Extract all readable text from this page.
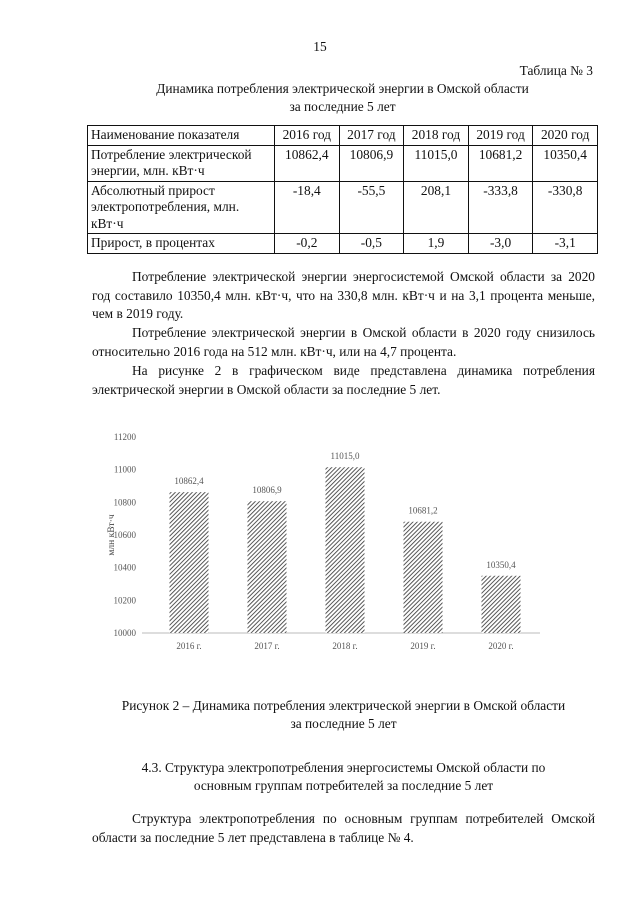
15
Таблица № 3
Динамика потребления электрической энергии в Омской области
за последние 5 лет
Наименование показателя	2016 год	2017 год	2018 год	2019 год	2020 год
Потребление электрической энергии, млн. кВт·ч	10862,4	10806,9	11015,0	10681,2	10350,4
Абсолютный прирост электропотребления, млн. кВт·ч	-18,4	-55,5	208,1	-333,8	-330,8
Прирост, в процентах	-0,2	-0,5	1,9	-3,0	-3,1
Потребление электрической энергии энергосистемой Омской области за 2020 год составило 10350,4 млн. кВт·ч, что на 330,8 млн. кВт·ч и на 3,1 процента меньше, чем в 2019 году.
Потребление электрической энергии в Омской области в 2020 году снизилось относительно 2016 года на 512 млн. кВт·ч, или на 4,7 процента.
На рисунке 2 в графическом виде представлена динамика потребления электрической энергии в Омской области за последние 5 лет.
млн кВт·ч
10000
10200
10400
10600
10800
11000
11200
10862,4
2016 г.
10806,9
2017 г.
11015,0
2018 г.
10681,2
2019 г.
10350,4
2020 г.
Рисунок 2 – Динамика потребления электрической энергии в Омской области
за последние 5 лет
4.3. Структура электропотребления энергосистемы Омской области по
основным группам потребителей за последние 5 лет
Структура электропотребления по основным группам потребителей Омской области за последние 5 лет представлена в таблице № 4.
